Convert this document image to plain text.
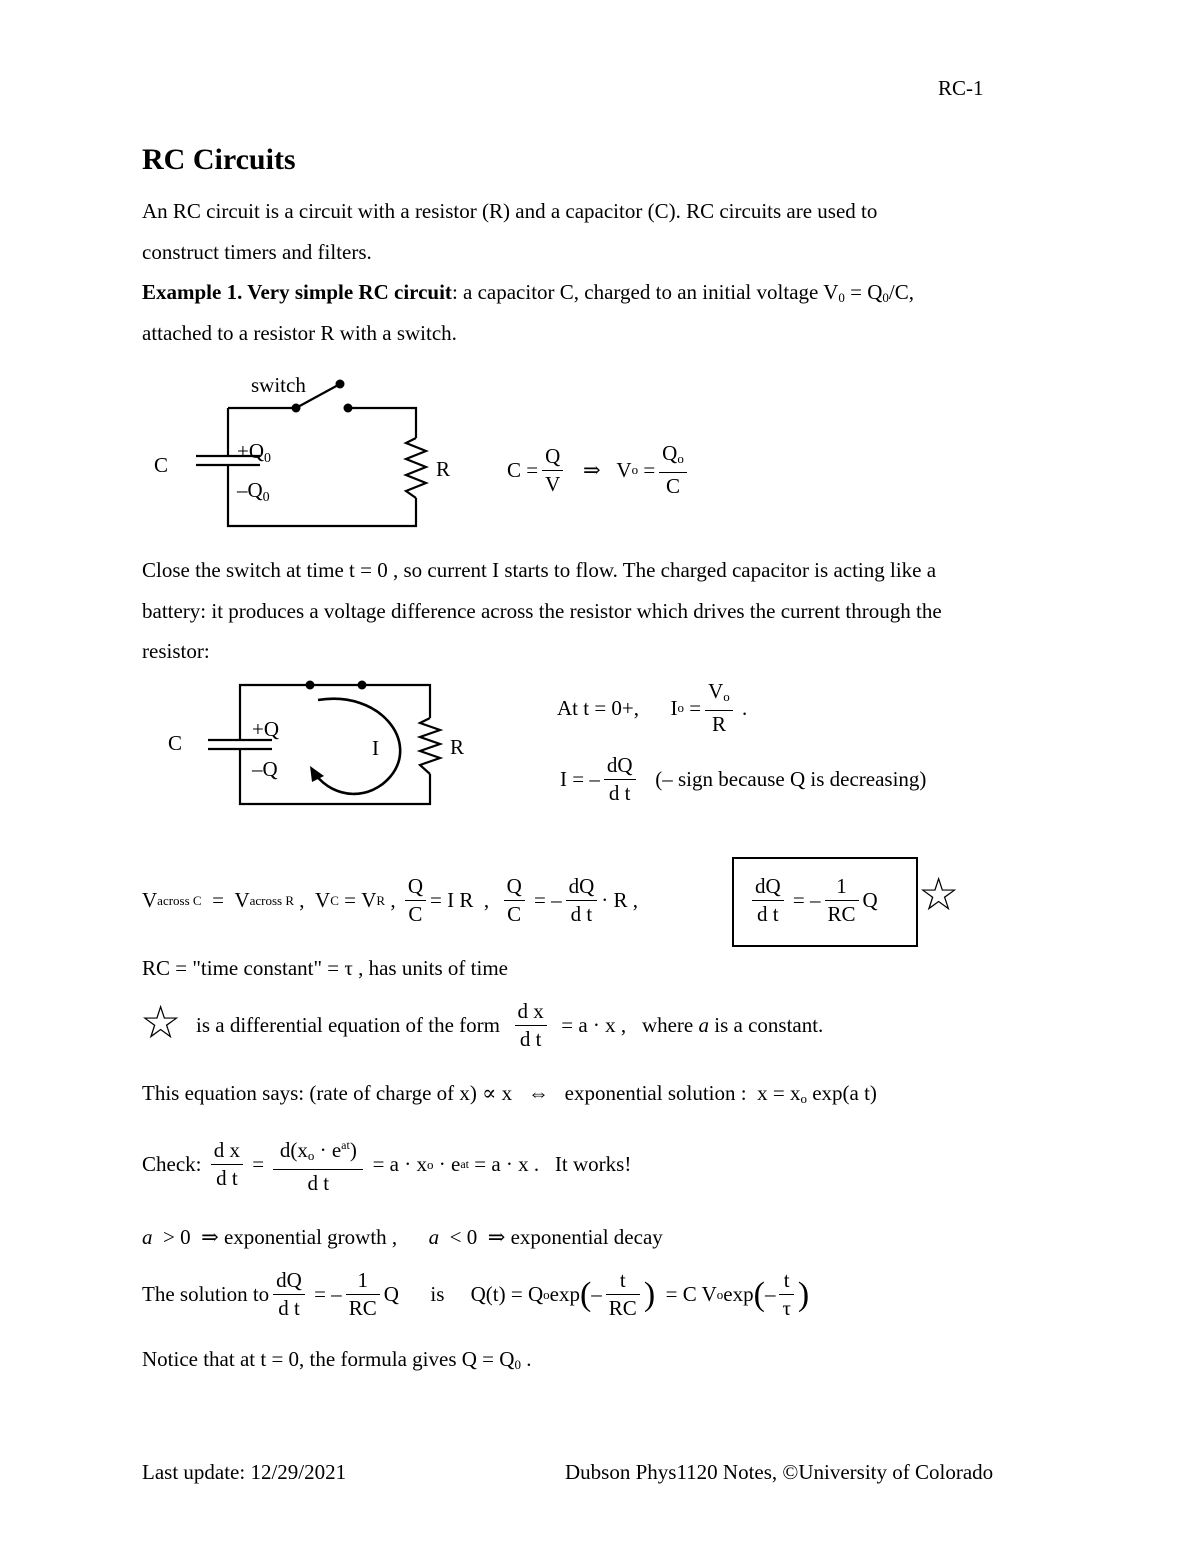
RC-1
RC Circuits
An RC circuit is a circuit with a resistor (R) and a capacitor (C). RC circuits are used to
construct timers and filters.
Example 1. Very simple RC circuit: a capacitor C, charged to an initial voltage $V_0 = Q_0/C$,
attached to a resistor R with a switch.
switch
C
+Q0
–Q0
R	C
= $\frac{Q}{V}$
⇒
V o
= $\frac{Q_o}{C}$
Close the switch at time t = 0 , so current I starts to flow. The charged capacitor is acting like a
battery: it produces a voltage difference across the resistor which drives the current through the
resistor:
C
+Q
–Q
I	R
At t = 0+,
I o
= $\frac{V_o}{R}$
.
I = – $\frac{dQ}{\text{d t}}$
(– sign because Q is decreasing)
V across C
=
V across R
,
V C
=
V R
,
$\frac{Q}{C} = I$ R
,
$\frac{Q}{C}$
= – $\frac{dQ}{\text{d t}} \cdot R$
,	$\frac{dQ}{\text{d t}}$
= – $\frac{1}{RC}$ Q ☆
RC = "time constant" = τ , has units of time
☆ is a differential equation of the form
$\frac{\text{d x}}{\text{d t}}$
= a · x ,
where
a
is a constant.
This equation says: (rate of charge of x) ∝ x ⇔ exponential solution : $x = x_o$ exp(a t)
Check:
$\frac{\text{d x}}{\text{d t}}$
=
$\frac{d(x_o \cdot e^{at})}{\text{d t}}$
= a · x o
· e at
= a · x .
It works!
a > 0 ⇒ exponential growth , a < 0 ⇒ exponential decay
The solution to $\frac{dQ}{\text{d t}}$
= – $\frac{1}{RC}$ Q
is
Q(t) = Q o exp ( – $\frac{t}{RC}$ )
= C V o exp ( – $\frac{t}{\tau}$ )
Notice that at t = 0, the formula gives $Q = Q_0$ .
Last update: 12/29/2021	Dubson Phys1120 Notes, ©University of Colorado
